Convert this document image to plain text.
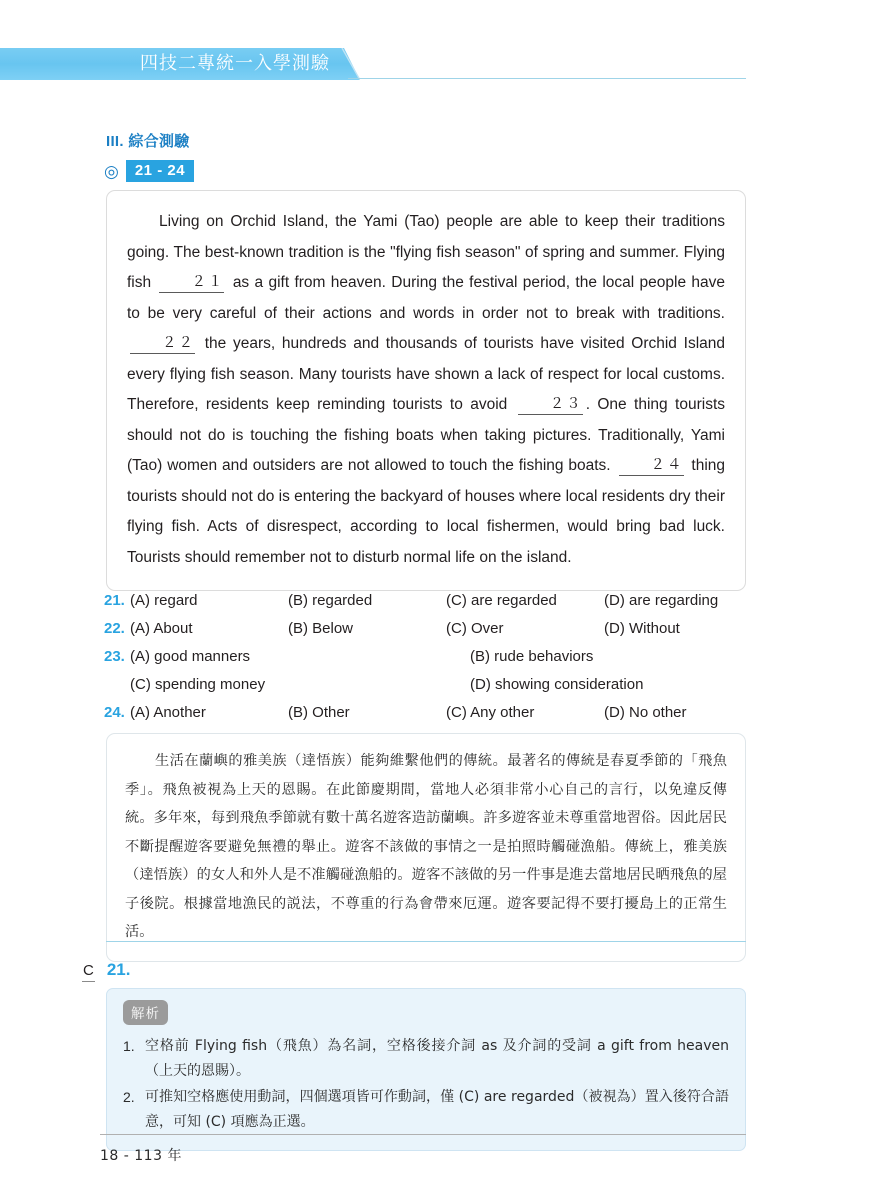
四技二專統一入學測驗
III. 綜合測驗
◎	21 - 24
Living on Orchid Island, the Yami (Tao) people are able to keep their traditions going. The best-known tradition is the "flying fish season" of spring and summer. Flying fish	２１ as a gift from heaven. During the festival period, the local people have to be very careful of their actions and words in order not to break with traditions. ２２ the years, hundreds and thousands of tourists have visited Orchid Island every flying fish season. Many tourists have shown a lack of respect for local customs. Therefore, residents keep reminding tourists to avoid	２３ . One thing tourists should not do is touching the fishing boats when taking pictures. Traditionally, Yami (Tao) women and outsiders are not allowed to touch the fishing boats.	２４ thing tourists should not do is entering the backyard of houses where local residents dry their flying fish. Acts of disrespect, according to local fishermen, would bring bad luck. Tourists should remember not to disturb normal life on the island.
21. (A) regard	(B) regarded	(C) are regarded	(D) are regarding
22. (A) About	(B) Below	(C) Over	(D) Without
23. (A) good manners	(B) rude behaviors
(C) spending money	(D) showing consideration
24. (A) Another	(B) Other	(C) Any other	(D) No other
生活在蘭嶼的雅美族（達悟族）能夠維繫他們的傳統。最著名的傳統是春夏季節的「飛魚季」。飛魚被視為上天的恩賜。在此節慶期間，當地人必須非常小心自己的言行，以免違反傳統。多年來，每到飛魚季節就有數十萬名遊客造訪蘭嶼。許多遊客並未尊重當地習俗。因此居民不斷提醒遊客要避免無禮的舉止。遊客不該做的事情之一是拍照時觸碰漁船。傳統上，雅美族（達悟族）的女人和外人是不准觸碰漁船的。遊客不該做的另一件事是進去當地居民晒飛魚的屋子後院。根據當地漁民的説法，不尊重的行為會帶來厄運。遊客要記得不要打擾島上的正常生活。
C 21.
解析
1. 空格前 Flying fish（飛魚）為名詞，空格後接介詞 as 及介詞的受詞 a gift from heaven（上天的恩賜）。
2. 可推知空格應使用動詞，四個選項皆可作動詞，僅 (C) are regarded（被視為）置入後符合語意，可知 (C) 項應為正選。
18 - 113 年
